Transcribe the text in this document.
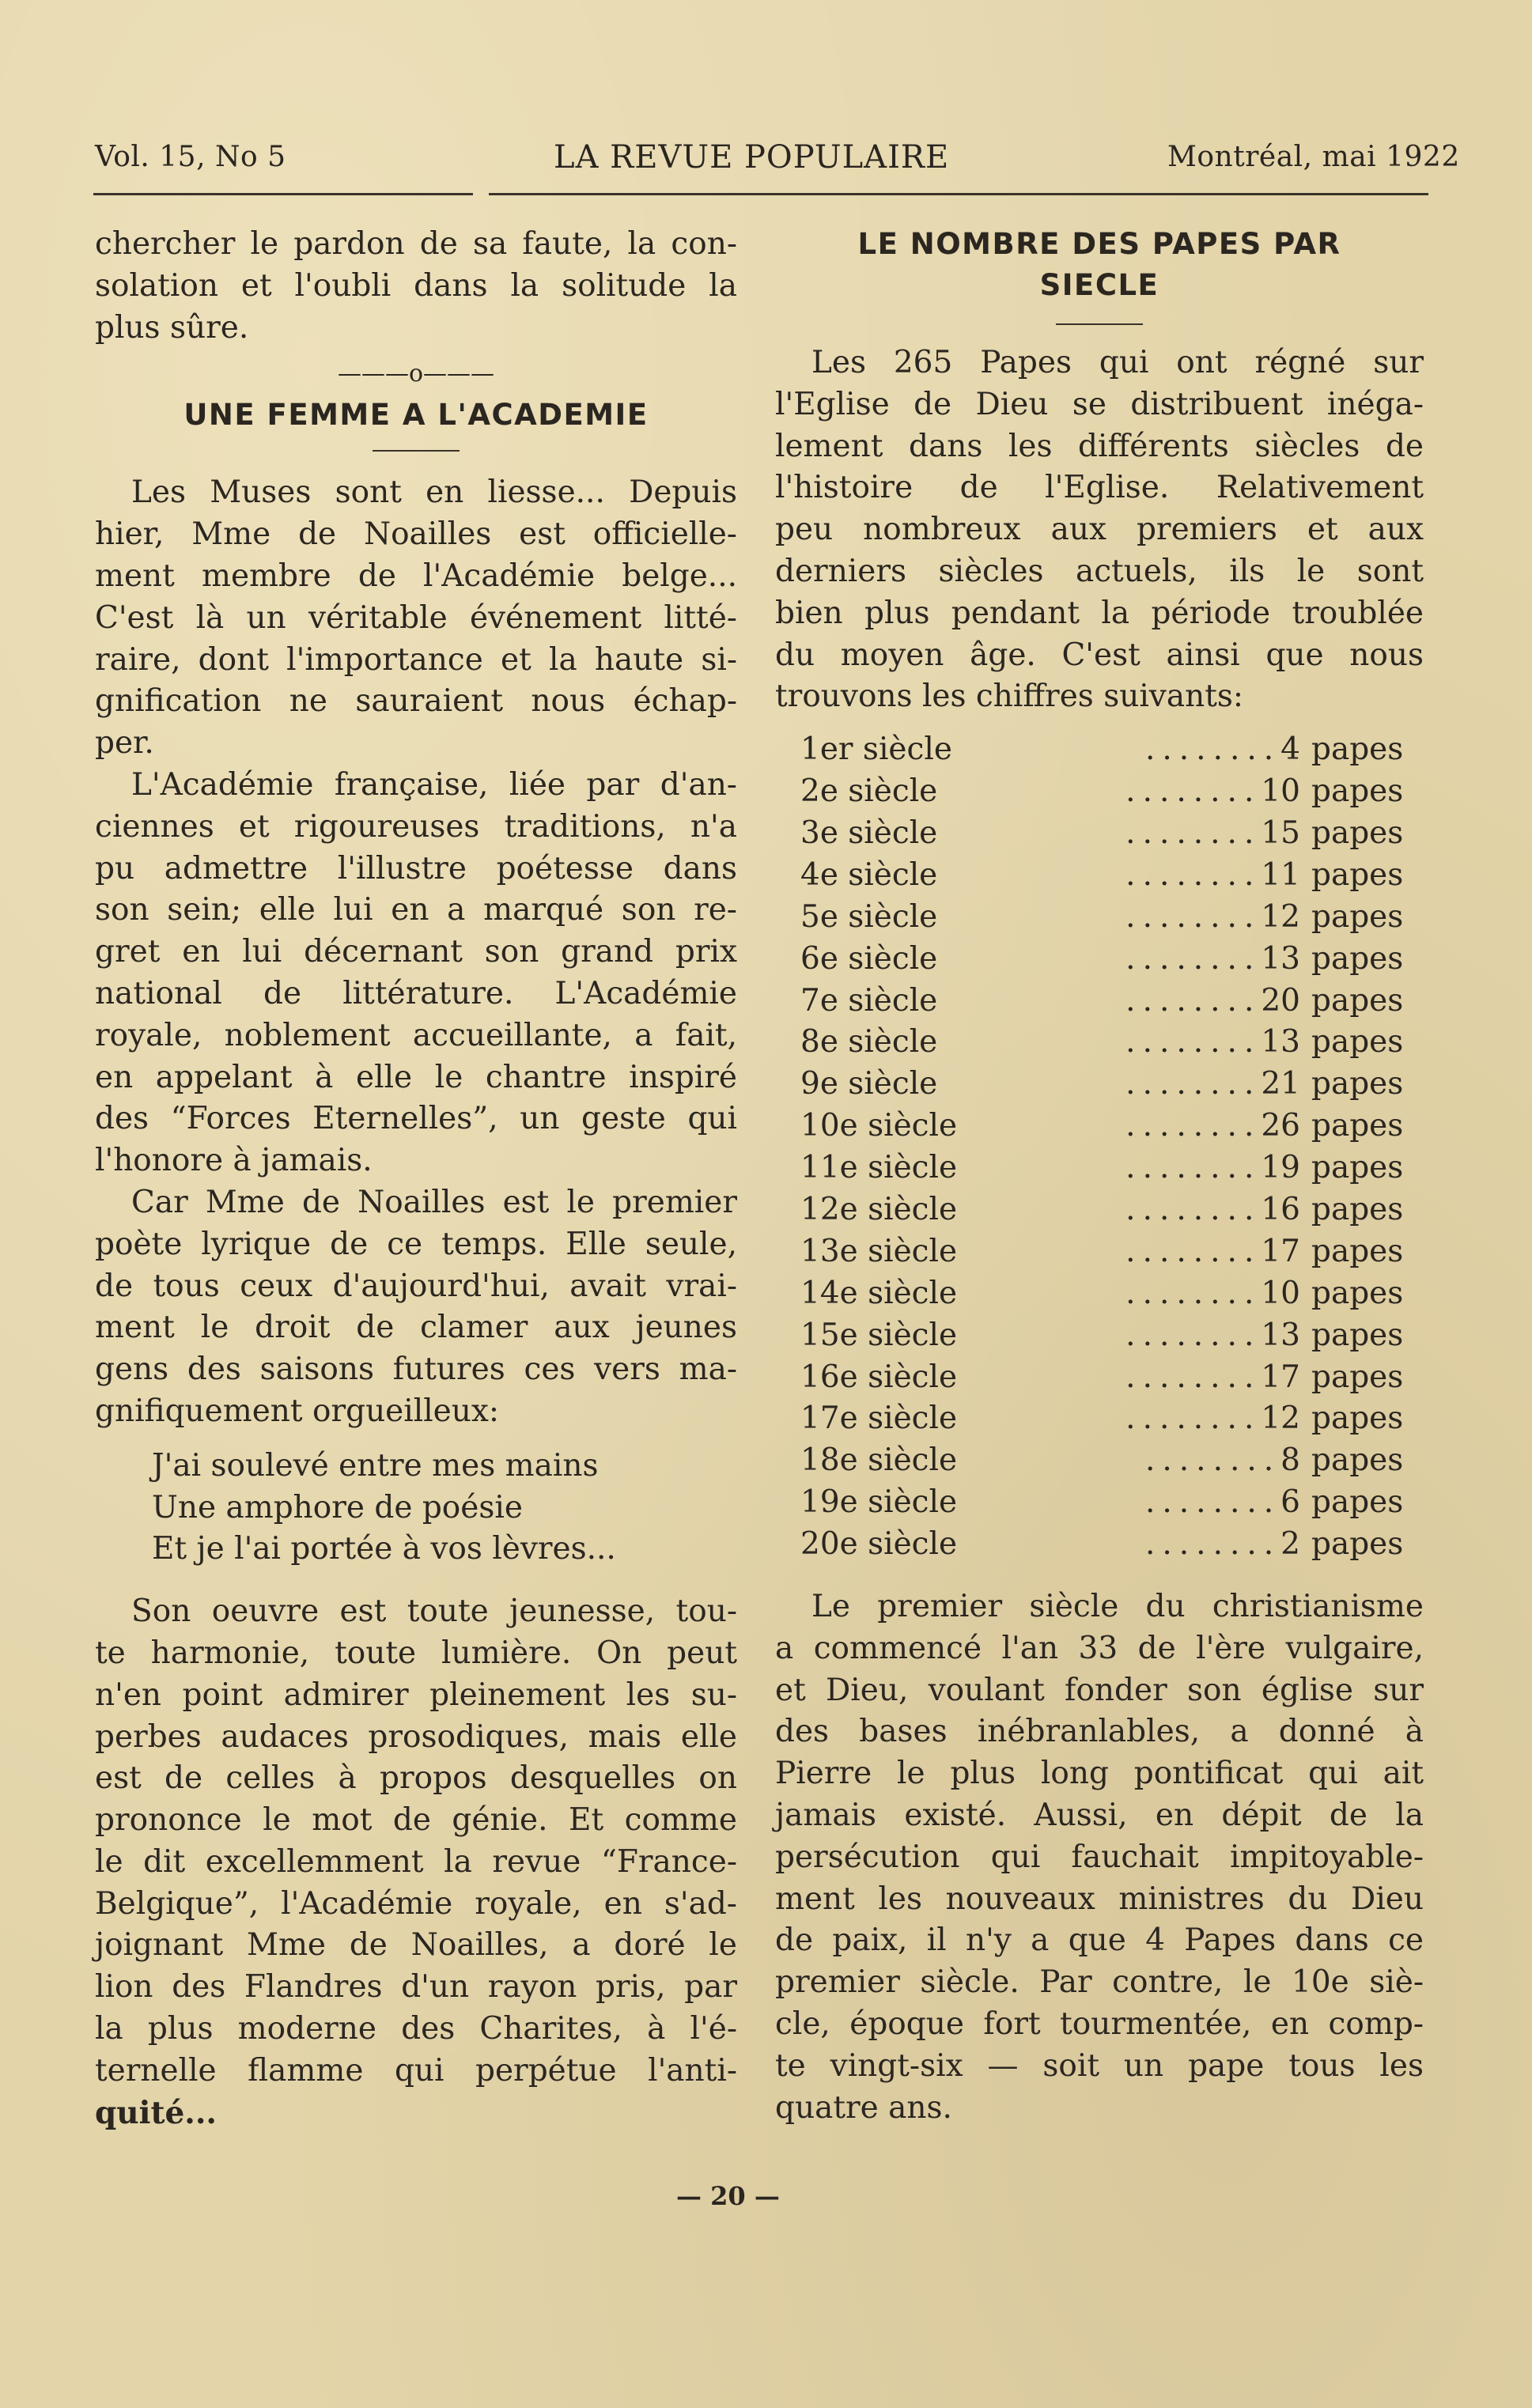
Vol. 15, No 5	LA REVUE POPULAIRE	Montréal, mai 1922

chercher le pardon de sa faute, la con-

solation et l'oubli dans la solitude la

plus sûre.

———o———
UNE FEMME A L'ACADEMIE

Les Muses sont en liesse... Depuis

hier, Mme de Noailles est officielle-

ment membre de l'Académie belge...

C'est là un véritable événement litté-

raire, dont l'importance et la haute si-

gnification ne sauraient nous échap-

per.

L'Académie française, liée par d'an-

ciennes et rigoureuses traditions, n'a

pu admettre l'illustre poétesse dans

son sein; elle lui en a marqué son re-

gret en lui décernant son grand prix

national de littérature. L'Académie

royale, noblement accueillante, a fait,

en appelant à elle le chantre inspiré

des “Forces Eternelles”, un geste qui

l'honore à jamais.

Car Mme de Noailles est le premier

poète lyrique de ce temps. Elle seule,

de tous ceux d'aujourd'hui, avait vrai-

ment le droit de clamer aux jeunes

gens des saisons futures ces vers ma-

gnifiquement orgueilleux:

J'ai soulevé entre mes mains

Une amphore de poésie

Et je l'ai portée à vos lèvres...

Son oeuvre est toute jeunesse, tou-

te harmonie, toute lumière. On peut

n'en point admirer pleinement les su-

perbes audaces prosodiques, mais elle

est de celles à propos desquelles on

prononce le mot de génie. Et comme

le dit excellemment la revue “France-

Belgique”, l'Académie royale, en s'ad-

joignant Mme de Noailles, a doré le

lion des Flandres d'un rayon pris, par

la plus moderne des Charites, à l'é-

ternelle flamme qui perpétue l'anti-

quité...

LE NOMBRE DES PAPES PAR
SIECLE

Les 265 Papes qui ont régné sur

l'Eglise de Dieu se distribuent inéga-

lement dans les différents siècles de

l'histoire de l'Eglise. Relativement

peu nombreux aux premiers et aux

derniers siècles actuels, ils le sont

bien plus pendant la période troublée

du moyen âge. C'est ainsi que nous

trouvons les chiffres suivants:

1er siècle	........4 papes
2e siècle	........10 papes
3e siècle	........15 papes
4e siècle	........11 papes
5e siècle	........12 papes
6e siècle	........13 papes
7e siècle	........20 papes
8e siècle	........13 papes
9e siècle	........21 papes
10e siècle	........26 papes
11e siècle	........19 papes
12e siècle	........16 papes
13e siècle	........17 papes
14e siècle	........10 papes
15e siècle	........13 papes
16e siècle	........17 papes
17e siècle	........12 papes
18e siècle	........8 papes
19e siècle	........6 papes
20e siècle	........2 papes

Le premier siècle du christianisme

a commencé l'an 33 de l'ère vulgaire,

et Dieu, voulant fonder son église sur

des bases inébranlables, a donné à

Pierre le plus long pontificat qui ait

jamais existé. Aussi, en dépit de la

persécution qui fauchait impitoyable-

ment les nouveaux ministres du Dieu

de paix, il n'y a que 4 Papes dans ce

premier siècle. Par contre, le 10e siè-

cle, époque fort tourmentée, en comp-

te vingt-six — soit un pape tous les

quatre ans.

— 20 —
